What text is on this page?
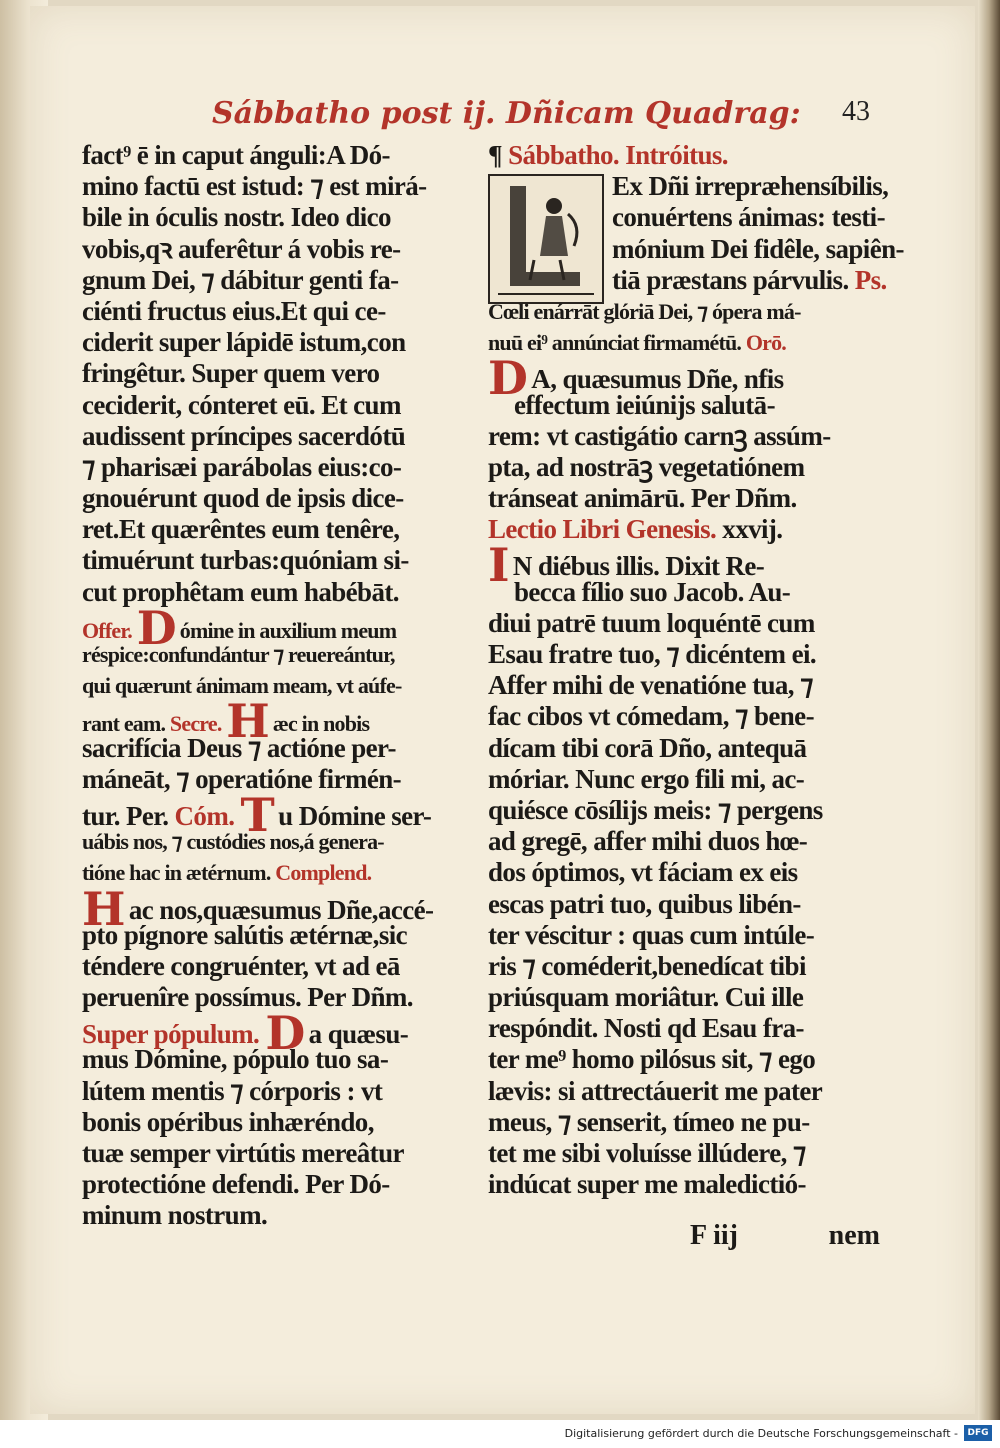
Sábbatho post ij. Dñicam Quadrag: 43
fact⁹ ē in caput ánguli:A Dó-
mino factū est istud: ⁊ est mirá-
bile in óculis nostr. Ideo dico
vobis,qꝛ auferêtur á vobis re-
gnum Dei, ⁊ dábitur genti fa-
ciénti fructus eius.Et qui ce-
ciderit super lápidē istum,con
fringêtur. Super quem vero
ceciderit, cónteret eū. Et cum
audissent príncipes sacerdótū
⁊ pharisæi parábolas eius:co-
gnouérunt quod de ipsis dice-
ret.Et quærêntes eum tenêre,
timuérunt turbas:quóniam si-
cut prophêtam eum habébāt.
Offer. D ómine in auxilium meum
réspice:confundántur ⁊ reuereántur,
qui quærunt ánimam meam, vt aúfe-
rant eam. Secre. H æc in nobis
sacrifícia Deus ⁊ actióne per-
máneāt, ⁊ operatióne firmén-
tur. Per. Cóm. T u Dómine ser-
uábis nos, ⁊ custódies nos,á genera-
tióne hac in ætérnum. Complend.
Hac nos,quæsumus Dñe,accé-
pto pígnore salútis ætérnæ,sic
téndere congruénter, vt ad eā
peruenîre possímus. Per Dñm.
Super pópulum. D a quæsu-
mus Dómine, pópulo tuo sa-
lútem mentis ⁊ córporis : vt
bonis opéribus inhæréndo,
tuæ semper virtútis mereâtur
protectióne defendi. Per Dó-
minum nostrum.
¶ Sábbatho. Intróitus.
Ex Dñi irrepræhensíbilis,
conuértens ánimas: testi-
mónium Dei fidêle, sapiên-
tiā præstans párvulis. Ps.
Cœli enárrāt glóriā Dei, ⁊ ópera má-
nuū ei⁹ annúnciat firmamétū. Orō.
D A, quæsumus Dñe, nfis
effectum ieiúnijs salutā-
rem: vt castigátio carnꝫ assúm-
pta, ad nostrāꝫ vegetatiónem
tránseat animārū. Per Dñm.
Lectio Libri Genesis. xxvij.
I N diébus illis. Dixit Re-
becca fílio suo Jacob. Au-
diui patrē tuum loquéntē cum
Esau fratre tuo, ⁊ dicéntem ei.
Affer mihi de venatióne tua, ⁊
fac cibos vt cómedam, ⁊ bene-
dícam tibi corā Dño, antequā
móriar. Nunc ergo fili mi, ac-
quiésce cōsílijs meis: ⁊ pergens
ad gregē, affer mihi duos hœ-
dos óptimos, vt fáciam ex eis
escas patri tuo, quibus libén-
ter véscitur : quas cum intúle-
ris ⁊ coméderit,benedícat tibi
priúsquam moriâtur. Cui ille
respóndit. Nosti qd Esau fra-
ter me⁹ homo pilósus sit, ⁊ ego
lævis: si attrectáuerit me pater
meus, ⁊ senserit, tímeo ne pu-
tet me sibi voluísse illúdere, ⁊
indúcat super me maledictió-
F iij	nem
Digitalisierung gefördert durch die Deutsche Forschungsgemeinschaft -	DFG
